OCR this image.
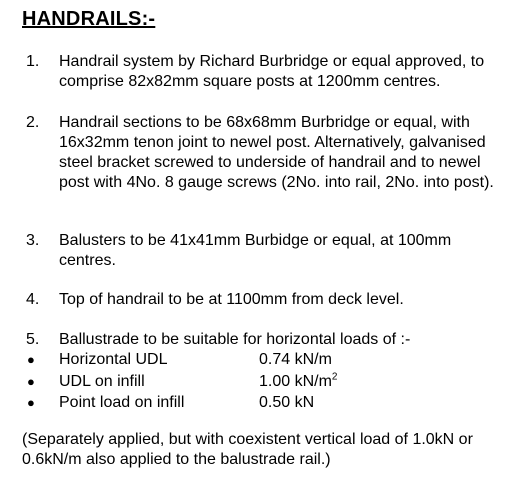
HANDRAILS:-
1. Handrail system by Richard Burbridge or equal approved, to comprise 82x82mm square posts at 1200mm centres.
2. Handrail sections to be 68x68mm Burbridge or equal, with 16x32mm tenon joint to newel post. Alternatively, galvanised steel bracket screwed to underside of handrail and to newel post with 4No. 8 gauge screws (2No. into rail, 2No. into post).
3. Balusters to be 41x41mm Burbidge or equal, at 100mm centres.
4. Top of handrail to be at 1100mm from deck level.
5. Ballustrade to be suitable for horizontal loads of :-
● Horizontal UDL	0.74 kN/m
● UDL on infill	1.00 $kN/m^2$
● Point load on infill	0.50 kN
(Separately applied, but with coexistent vertical load of 1.0kN or 0.6kN/m also applied to the balustrade rail.)
